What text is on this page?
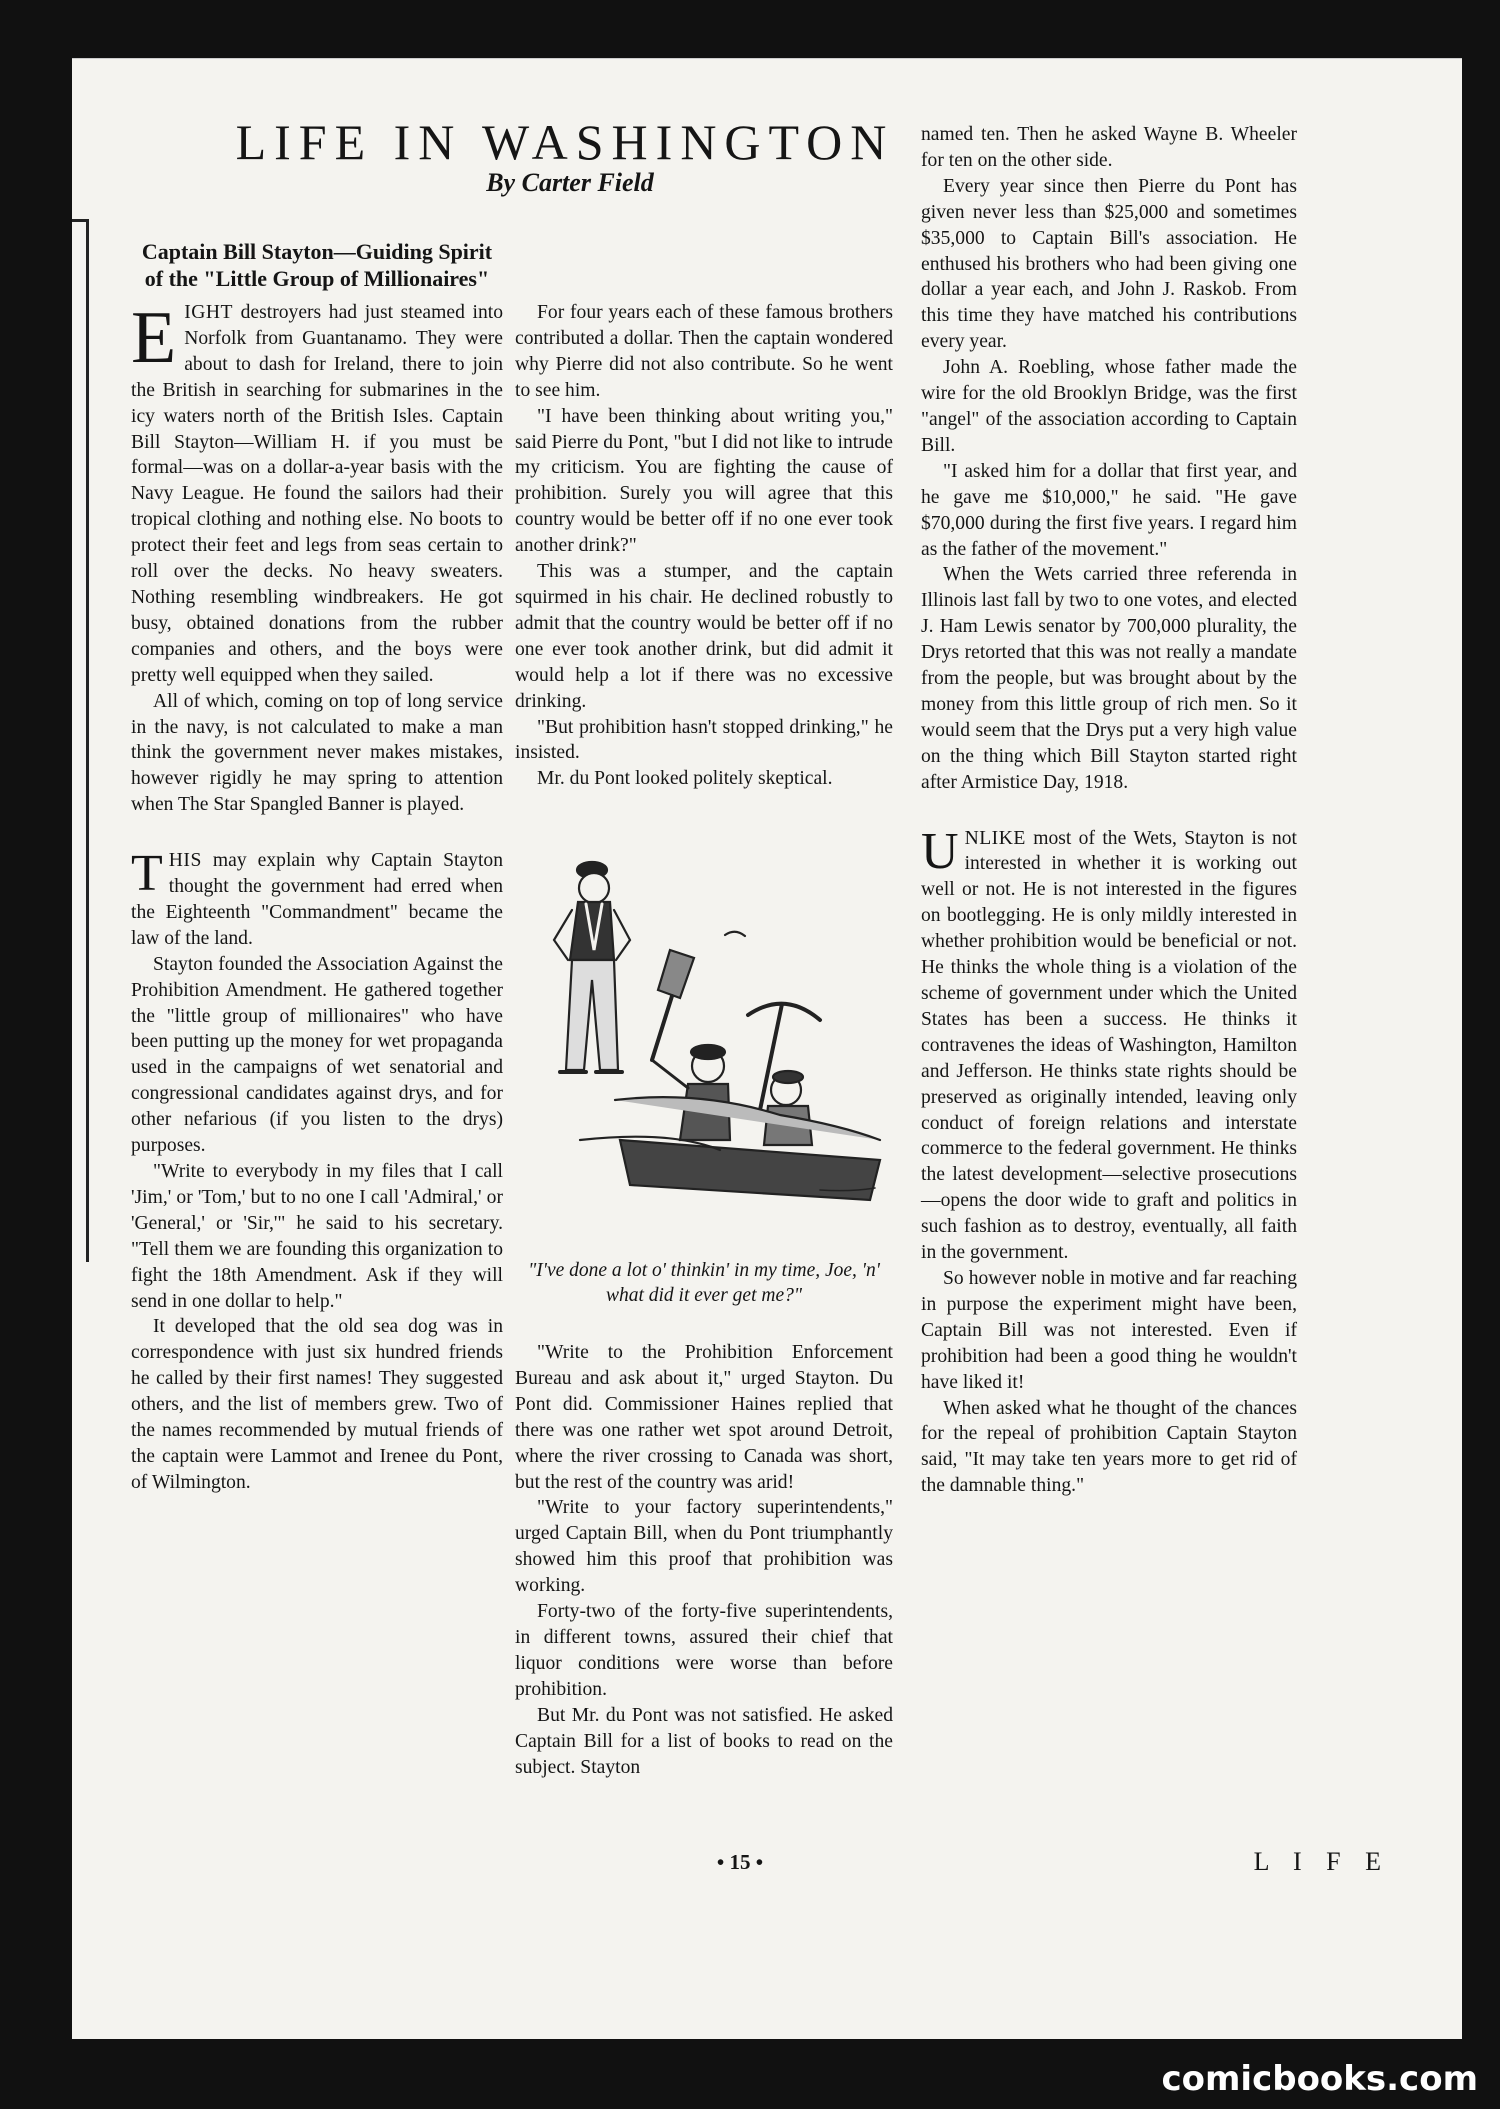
LIFE IN WASHINGTON
By Carter Field
Captain Bill Stayton—Guiding Spirit of the "Little Group of Millionaires"

EIGHT destroyers had just steamed into Norfolk from Guantanamo. They were about to dash for Ireland, there to join the British in searching for submarines in the icy waters north of the British Isles. Captain Bill Stayton—William H. if you must be formal—was on a dollar-a-year basis with the Navy League. He found the sailors had their tropical clothing and nothing else. No boots to protect their feet and legs from seas certain to roll over the decks. No heavy sweaters. Nothing resembling windbreakers. He got busy, obtained donations from the rubber companies and others, and the boys were pretty well equipped when they sailed.

All of which, coming on top of long service in the navy, is not calculated to make a man think the government never makes mistakes, however rigidly he may spring to attention when The Star Spangled Banner is played.

THIS may explain why Captain Stayton thought the government had erred when the Eighteenth "Commandment" became the law of the land.

Stayton founded the Association Against the Prohibition Amendment. He gathered together the "little group of millionaires" who have been putting up the money for wet propaganda used in the campaigns of wet senatorial and congressional candidates against drys, and for other nefarious (if you listen to the drys) purposes.

"Write to everybody in my files that I call 'Jim,' or 'Tom,' but to no one I call 'Admiral,' or 'General,' or 'Sir,'" he said to his secretary. "Tell them we are founding this organization to fight the 18th Amendment. Ask if they will send in one dollar to help."

It developed that the old sea dog was in correspondence with just six hundred friends he called by their first names! They suggested others, and the list of members grew. Two of the names recommended by mutual friends of the captain were Lammot and Irenee du Pont, of Wilmington.

For four years each of these famous brothers contributed a dollar. Then the captain wondered why Pierre did not also contribute. So he went to see him.

"I have been thinking about writing you," said Pierre du Pont, "but I did not like to intrude my criticism. You are fighting the cause of prohibition. Surely you will agree that this country would be better off if no one ever took another drink?"

This was a stumper, and the captain squirmed in his chair. He declined robustly to admit that the country would be better off if no one ever took another drink, but did admit it would help a lot if there was no excessive drinking.

"But prohibition hasn't stopped drinking," he insisted.

Mr. du Pont looked politely skeptical.

"I've done a lot o' thinkin' in my time, Joe, 'n' what did it ever get me?"

"Write to the Prohibition Enforcement Bureau and ask about it," urged Stayton. Du Pont did. Commissioner Haines replied that there was one rather wet spot around Detroit, where the river crossing to Canada was short, but the rest of the country was arid!

"Write to your factory superintendents," urged Captain Bill, when du Pont triumphantly showed him this proof that prohibition was working.

Forty-two of the forty-five superintendents, in different towns, assured their chief that liquor conditions were worse than before prohibition.

But Mr. du Pont was not satisfied. He asked Captain Bill for a list of books to read on the subject. Stayton

named ten. Then he asked Wayne B. Wheeler for ten on the other side.

Every year since then Pierre du Pont has given never less than $25,000 and sometimes $35,000 to Captain Bill's association. He enthused his brothers who had been giving one dollar a year each, and John J. Raskob. From this time they have matched his contributions every year.

John A. Roebling, whose father made the wire for the old Brooklyn Bridge, was the first "angel" of the association according to Captain Bill.

"I asked him for a dollar that first year, and he gave me $10,000," he said. "He gave $70,000 during the first five years. I regard him as the father of the movement."

When the Wets carried three referenda in Illinois last fall by two to one votes, and elected J. Ham Lewis senator by 700,000 plurality, the Drys retorted that this was not really a mandate from the people, but was brought about by the money from this little group of rich men. So it would seem that the Drys put a very high value on the thing which Bill Stayton started right after Armistice Day, 1918.

UNLIKE most of the Wets, Stayton is not interested in whether it is working out well or not. He is not interested in the figures on bootlegging. He is only mildly interested in whether prohibition would be beneficial or not. He thinks the whole thing is a violation of the scheme of government under which the United States has been a success. He thinks it contravenes the ideas of Washington, Hamilton and Jefferson. He thinks state rights should be preserved as originally intended, leaving only conduct of foreign relations and interstate commerce to the federal government. He thinks the latest development—selective prosecutions—opens the door wide to graft and politics in such fashion as to destroy, eventually, all faith in the government.

So however noble in motive and far reaching in purpose the experiment might have been, Captain Bill was not interested. Even if prohibition had been a good thing he wouldn't have liked it!

When asked what he thought of the chances for the repeal of prohibition Captain Stayton said, "It may take ten years more to get rid of the damnable thing."

• 15 •	L I F E
comicbooks.com
